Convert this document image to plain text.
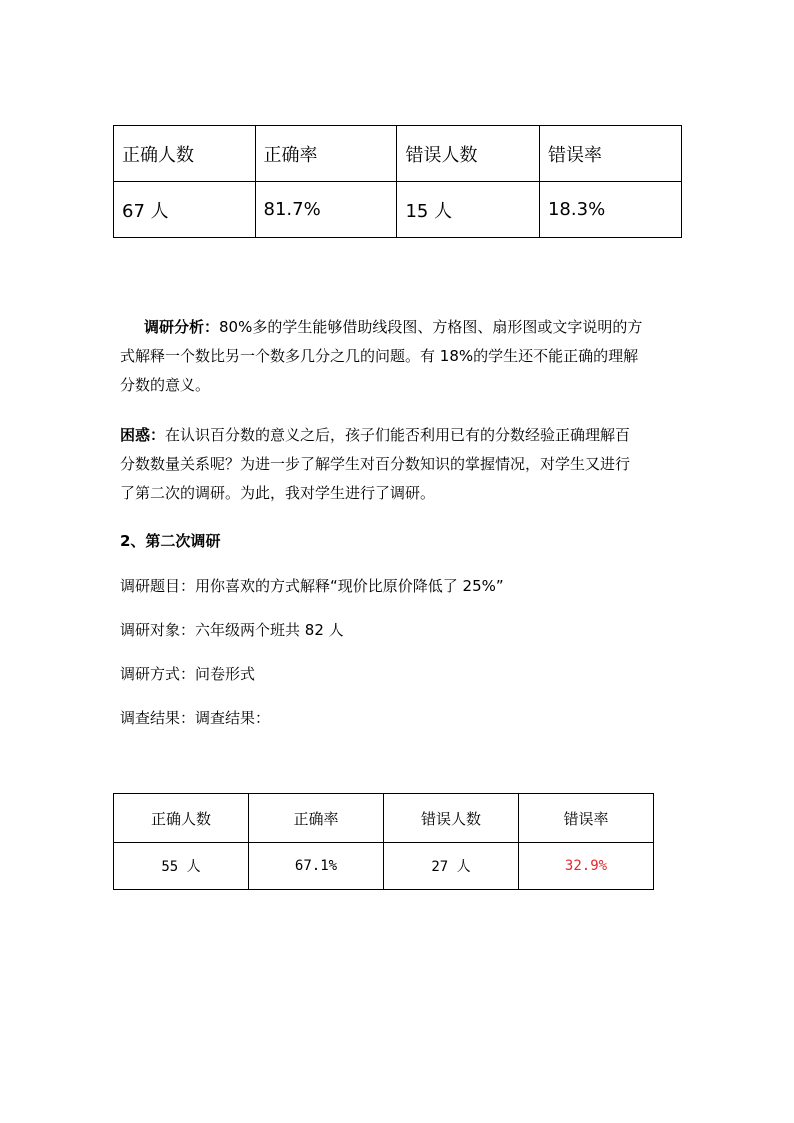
正确人数	正确率	错误人数	错误率
67 人	81.7%	15 人	18.3%
调研分析：80%多的学生能够借助线段图、方格图、扇形图或文字说明的方
式解释一个数比另一个数多几分之几的问题。有 18%的学生还不能正确的理解
分数的意义。
困惑：在认识百分数的意义之后，孩子们能否利用已有的分数经验正确理解百
分数数量关系呢？为进一步了解学生对百分数知识的掌握情况，对学生又进行
了第二次的调研。为此，我对学生进行了调研。
2、第二次调研
调研题目：用你喜欢的方式解释“现价比原价降低了 25%”
调研对象：六年级两个班共 82 人
调研方式：问卷形式
调查结果：调查结果：
正确人数	正确率	错误人数	错误率
55 人	67.1%	27 人	32.9%
